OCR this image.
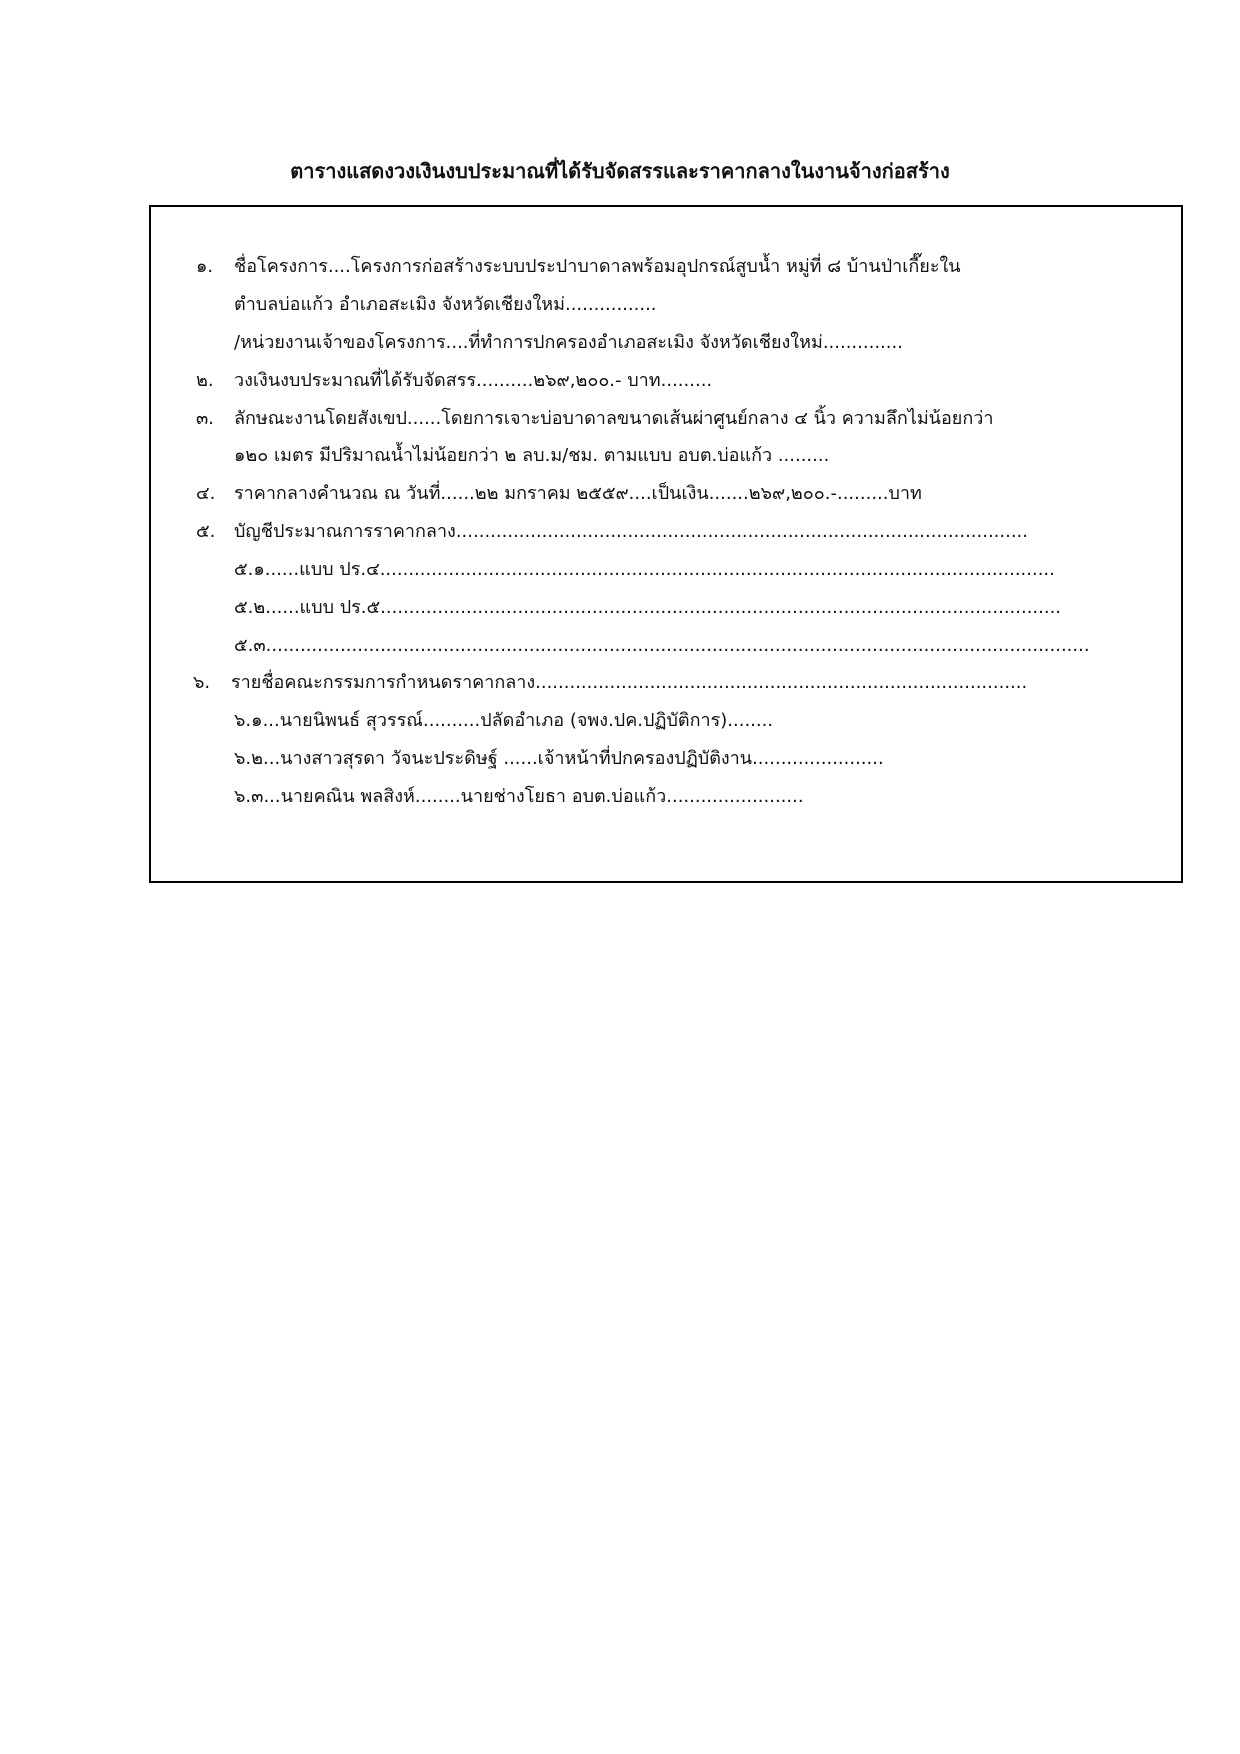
ตารางแสดงวงเงินงบประมาณที่ได้รับจัดสรรและราคากลางในงานจ้างก่อสร้าง
๑. ชื่อโครงการ....โครงการก่อสร้างระบบประปาบาดาลพร้อมอุปกรณ์สูบน้ำ หมู่ที่ ๘ บ้านป่าเกี๊ยะใน
ตำบลบ่อแก้ว อำเภอสะเมิง จังหวัดเชียงใหม่................
/หน่วยงานเจ้าของโครงการ....ที่ทำการปกครองอำเภอสะเมิง จังหวัดเชียงใหม่..............
๒. วงเงินงบประมาณที่ได้รับจัดสรร..........๒๖๙,๒๐๐.- บาท.........
๓. ลักษณะงานโดยสังเขป......โดยการเจาะบ่อบาดาลขนาดเส้นผ่าศูนย์กลาง ๔ นิ้ว ความลึกไม่น้อยกว่า
๑๒๐ เมตร มีปริมาณน้ำไม่น้อยกว่า ๒ ลบ.ม/ชม. ตามแบบ อบต.บ่อแก้ว .........
๔. ราคากลางคำนวณ ณ วันที่......๒๒ มกราคม ๒๕๕๙....เป็นเงิน.......๒๖๙,๒๐๐.-.........บาท
๕. บัญชีประมาณการราคากลาง....................................................................................................
๕.๑......แบบ ปร.๔......................................................................................................................
๕.๒......แบบ ปร.๕.......................................................................................................................
๕.๓................................................................................................................................................
๖. รายชื่อคณะกรรมการกำหนดราคากลาง......................................................................................
๖.๑...นายนิพนธ์ สุวรรณ์..........ปลัดอำเภอ (จพง.ปค.ปฏิบัติการ)........
๖.๒...นางสาวสุรดา วัจนะประดิษฐ์ ......เจ้าหน้าที่ปกครองปฏิบัติงาน.......................
๖.๓...นายคณิน พลสิงห์........นายช่างโยธา อบต.บ่อแก้ว........................
